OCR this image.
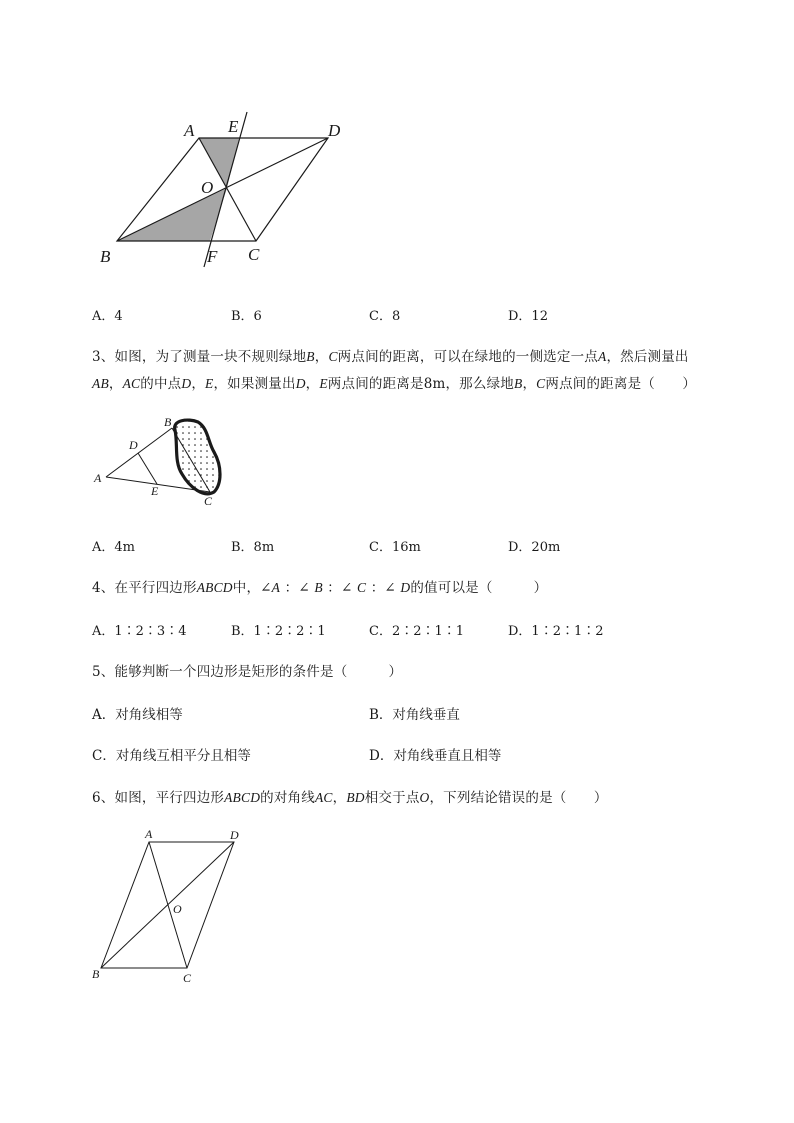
A E	D
O
B	F C
A．4	B．6	C．8	D．12
3、如图，为了测量一块不规则绿地B，C两点间的距离，可以在绿地的一侧选定一点A，然后测量出
AB，AC的中点D，E，如果测量出D，E两点间的距离是8m，那么绿地B，C两点间的距离是（　　）
B
D
A
E
C
A．4m	B．8m	C．16m	D．20m
4、在平行四边形ABCD中，∠A ：∠ B ：∠ C ：∠ D的值可以是（　　　）
A．1∶2∶3∶4	B．1∶2∶2∶1	C．2∶2∶1∶1	D．1∶2∶1∶2
5、能够判断一个四边形是矩形的条件是（　　　）
A．对角线相等	B．对角线垂直
C．对角线互相平分且相等	D．对角线垂直且相等
6、如图，平行四边形ABCD的对角线AC，BD相交于点O，下列结论错误的是（　　）
A	D
O
B	C
